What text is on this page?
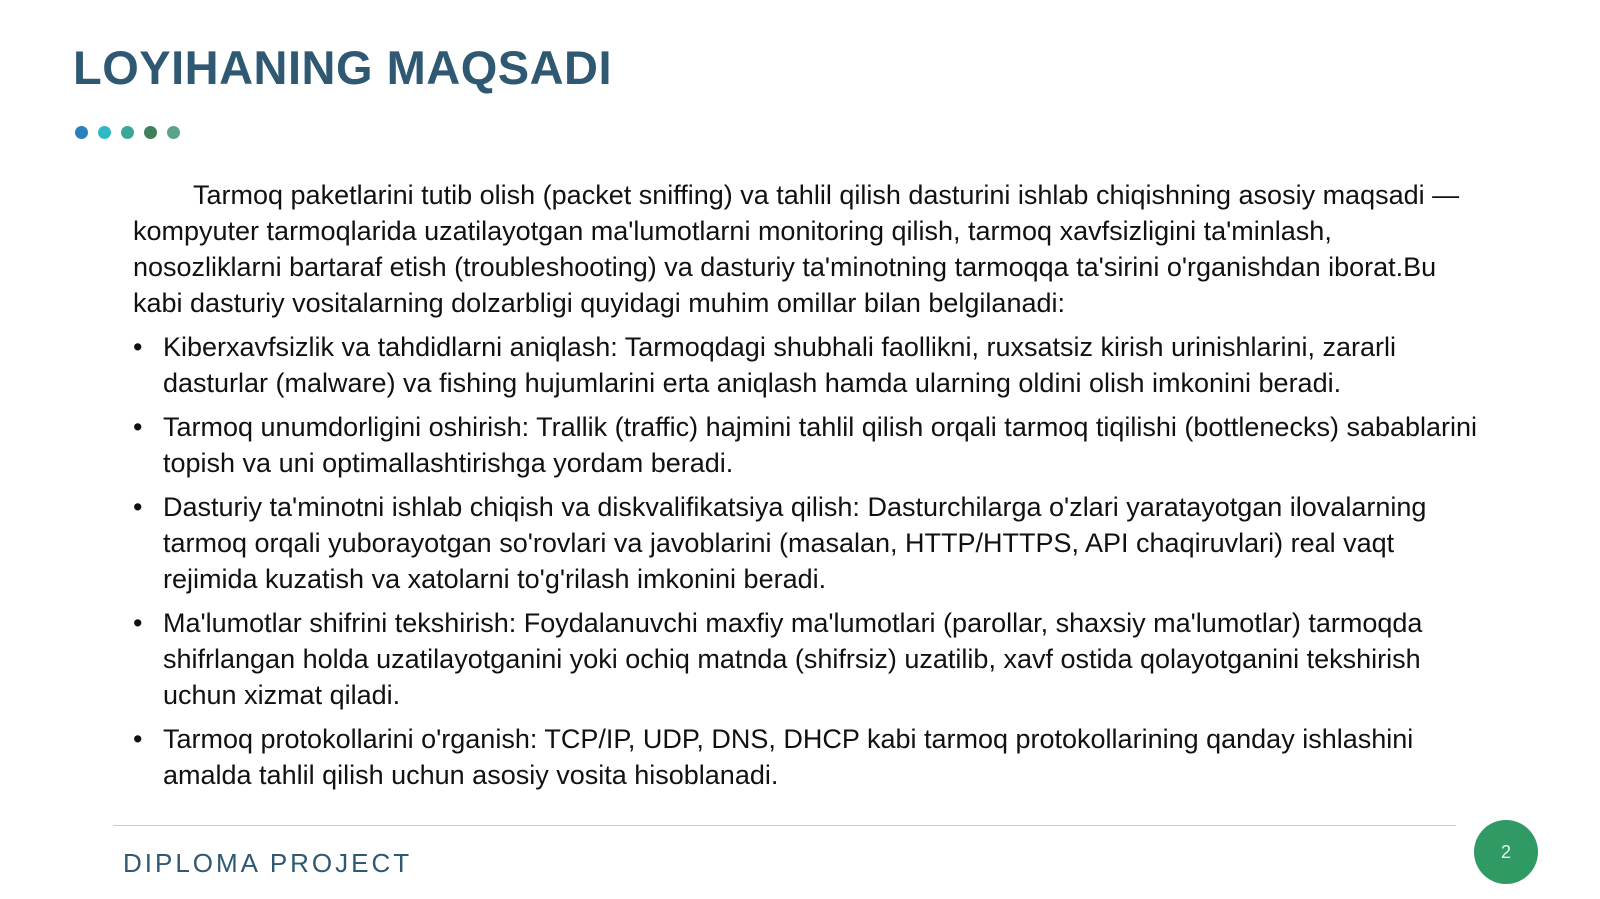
LOYIHANING MAQSADI

Tarmoq paketlarini tutib olish (packet sniffing) va tahlil qilish dasturini ishlab chiqishning asosiy maqsadi — kompyuter tarmoqlarida uzatilayotgan ma'lumotlarni monitoring qilish, tarmoq xavfsizligini ta'minlash, nosozliklarni bartaraf etish (troubleshooting) va dasturiy ta'minotning tarmoqqa ta'sirini o'rganishdan iborat.Bu kabi dasturiy vositalarning dolzarbligi quyidagi muhim omillar bilan belgilanadi:

• Kiberxavfsizlik va tahdidlarni aniqlash: Tarmoqdagi shubhali faollikni, ruxsatsiz kirish urinishlarini, zararli dasturlar (malware) va fishing hujumlarini erta aniqlash hamda ularning oldini olish imkonini beradi.
• Tarmoq unumdorligini oshirish: Trallik (traffic) hajmini tahlil qilish orqali tarmoq tiqilishi (bottlenecks) sabablarini topish va uni optimallashtirishga yordam beradi.
• Dasturiy ta'minotni ishlab chiqish va diskvalifikatsiya qilish: Dasturchilarga o'zlari yaratayotgan ilovalarning tarmoq orqali yuborayotgan so'rovlari va javoblarini (masalan, HTTP/HTTPS, API chaqiruvlari) real vaqt rejimida kuzatish va xatolarni to'g'rilash imkonini beradi.
• Ma'lumotlar shifrini tekshirish: Foydalanuvchi maxfiy ma'lumotlari (parollar, shaxsiy ma'lumotlar) tarmoqda shifrlangan holda uzatilayotganini yoki ochiq matnda (shifrsiz) uzatilib, xavf ostida qolayotganini tekshirish uchun xizmat qiladi.
• Tarmoq protokollarini o'rganish: TCP/IP, UDP, DNS, DHCP kabi tarmoq protokollarining qanday ishlashini amalda tahlil qilish uchun asosiy vosita hisoblanadi.
DIPLOMA PROJECT	2
